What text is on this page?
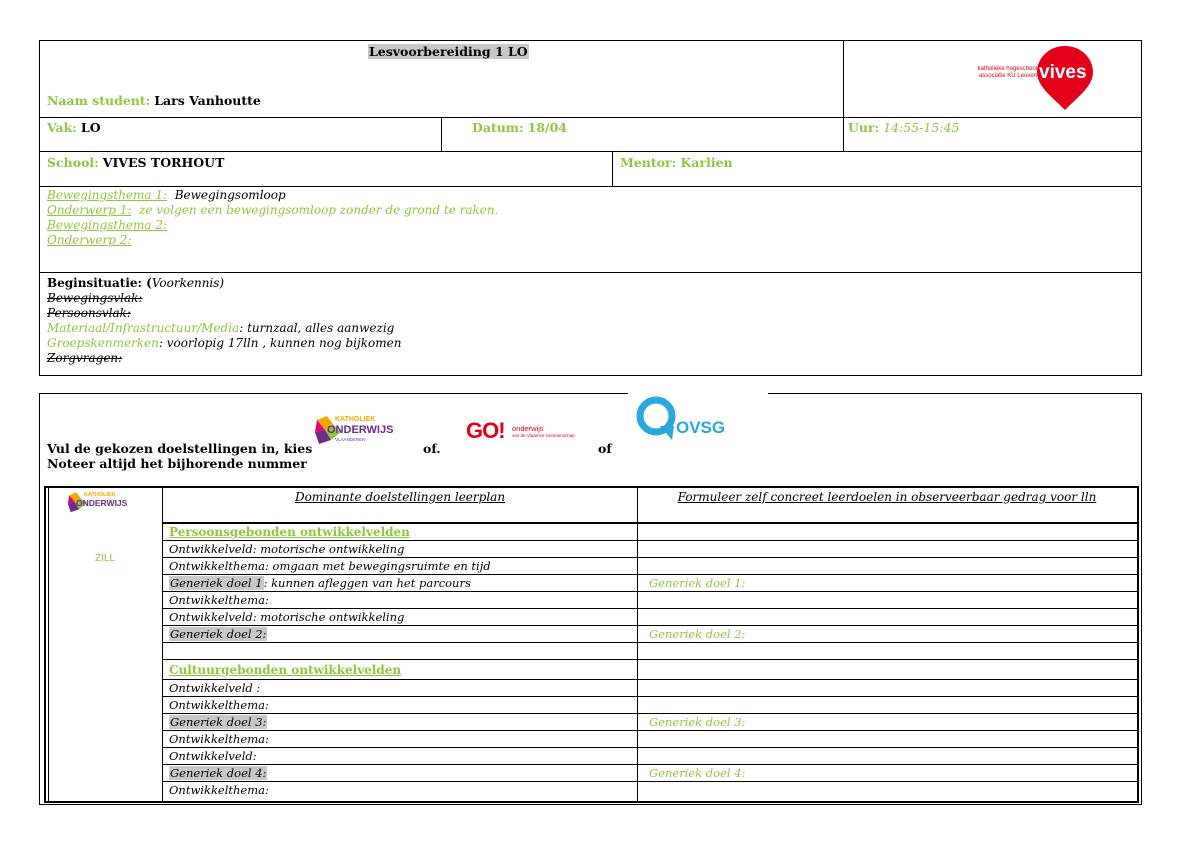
Lesvoorbereiding 1 LO
Naam student: Lars Vanhoutte
vives
katholieke hogeschool
associatie KU Leuven
Vak: LO	Datum: 18/04	Uur: 14:55-15:45
School: VIVES TORHOUT	Mentor: Karlien
Bewegingsthema 1: Bewegingsomloop
Onderwerp 1: ze volgen een bewegingsomloop zonder de grond te raken.
Bewegingsthema 2:
Onderwerp 2:
Beginsituatie: (Voorkennis)
Bewegingsvlak:
Persoonsvlak:
Materiaal/Infrastructuur/Media: turnzaal, alles aanwezig
Groepskenmerken: voorlopig 17lln , kunnen nog bijkomen
Zorgvragen:
Vul de gekozen doelstellingen in, kies
Noteer altijd het bijhorende nummer
KATHOLIEK
ONDERWIJS
VLAANDEREN
of.
GO! onderwijs
van de Vlaamse Gemeenschap
of
OVSG
KATHOLIEK
ONDERWIJS
ZILL
Dominante doelstellingen leerplan	Formuleer zelf concreet leerdoelen in observeerbaar gedrag voor lln
Persoonsgebonden ontwikkelvelden
Ontwikkelveld: motorische ontwikkeling
Ontwikkelthema: omgaan met bewegingsruimte en tijd
Generiek doel 1: kunnen afleggen van het parcours	Generiek doel 1:
Ontwikkelthema:
Ontwikkelveld: motorische ontwikkeling
Generiek doel 2:	Generiek doel 2:
Cultuurgebonden ontwikkelvelden
Ontwikkelveld :
Ontwikkelthema:
Generiek doel 3:	Generiek doel 3:
Ontwikkelthema:
Ontwikkelveld:
Generiek doel 4:	Generiek doel 4:
Ontwikkelthema:
